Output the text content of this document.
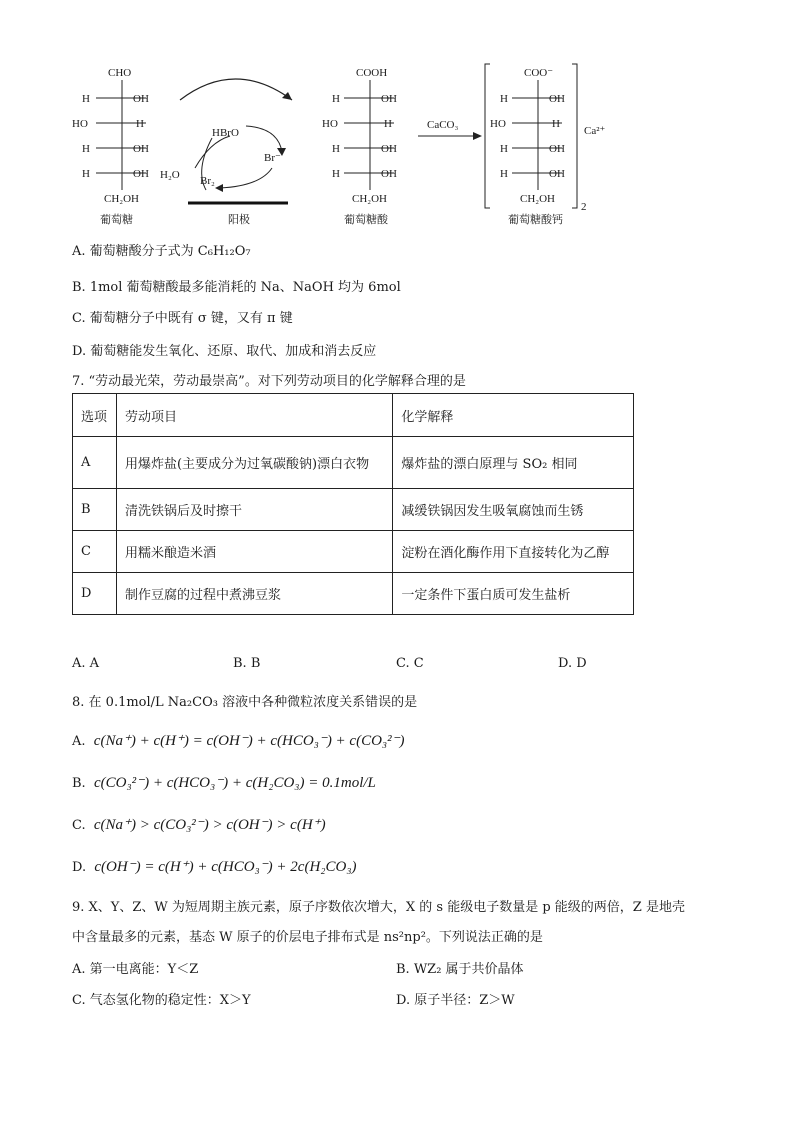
CHO
H	OH
HO	H
H	OH
H	OH
CH₂OH
葡萄糖
HBrO
Br⁻
H₂O Br₂
阳极
COOH
H	OH
HO	H
H	OH
H	OH
CH₂OH
葡萄糖酸
CaCO₃
COO⁻
H	OH
HO	H
H	OH
H	OH
CH₂OH
Ca²⁺
2
葡萄糖酸钙
A. 葡萄糖酸分子式为 C₆H₁₂O₇
B. 1mol 葡萄糖酸最多能消耗的 Na、NaOH 均为 6mol
C. 葡萄糖分子中既有 σ 键，又有 π 键
D. 葡萄糖能发生氧化、还原、取代、加成和消去反应
7. “劳动最光荣，劳动最崇高”。对下列劳动项目的化学解释合理的是
选项	劳动项目	化学解释
A	用爆炸盐(主要成分为过氧碳酸钠)漂白衣物	爆炸盐的漂白原理与 SO₂ 相同
B	清洗铁锅后及时擦干	减缓铁锅因发生吸氧腐蚀而生锈
C	用糯米酿造米酒	淀粉在酒化酶作用下直接转化为乙醇
D	制作豆腐的过程中煮沸豆浆	一定条件下蛋白质可发生盐析
A. A	B. B	C. C	D. D
8. 在 0.1mol/L Na₂CO₃ 溶液中各种微粒浓度关系错误的是
A.  c(Na⁺) + c(H⁺) = c(OH⁻) + c(HCO₃⁻) + c(CO₃²⁻)
B.  c(CO₃²⁻) + c(HCO₃⁻) + c(H₂CO₃) = 0.1mol/L
C.  c(Na⁺) > c(CO₃²⁻) > c(OH⁻) > c(H⁺)
D.  c(OH⁻) = c(H⁺) + c(HCO₃⁻) + 2c(H₂CO₃)
9. X、Y、Z、W 为短周期主族元素，原子序数依次增大，X 的 s 能级电子数量是 p 能级的两倍，Z 是地壳
中含量最多的元素，基态 W 原子的价层电子排布式是 ns²np²。下列说法正确的是
A. 第一电离能：Y＜Z	B. WZ₂ 属于共价晶体
C. 气态氢化物的稳定性：X＞Y	D. 原子半径：Z＞W
